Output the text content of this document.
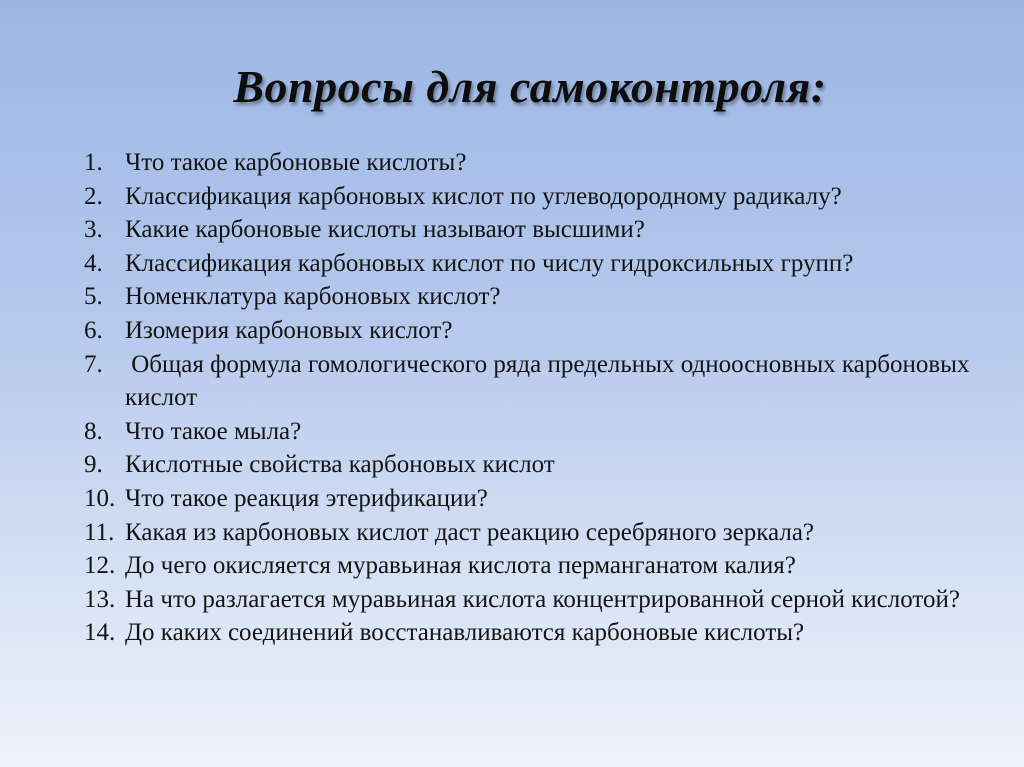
Вопросы для самоконтроля:
1. Что такое карбоновые кислоты?
2. Классификация карбоновых кислот по углеводородному радикалу?
3. Какие карбоновые кислоты называют высшими?
4. Классификация карбоновых кислот по числу гидроксильных групп?
5. Номенклатура карбоновых кислот?
6. Изомерия карбоновых кислот?
7. Общая формула гомологического ряда предельных одноосновных карбоновых кислот
8. Что такое мыла?
9. Кислотные свойства карбоновых кислот
10. Что такое реакция этерификации?
11. Какая из карбоновых кислот даст реакцию серебряного зеркала?
12. До чего окисляется муравьиная кислота перманганатом калия?
13. На что разлагается муравьиная кислота концентрированной серной кислотой?
14. До каких соединений восстанавливаются карбоновые кислоты?
